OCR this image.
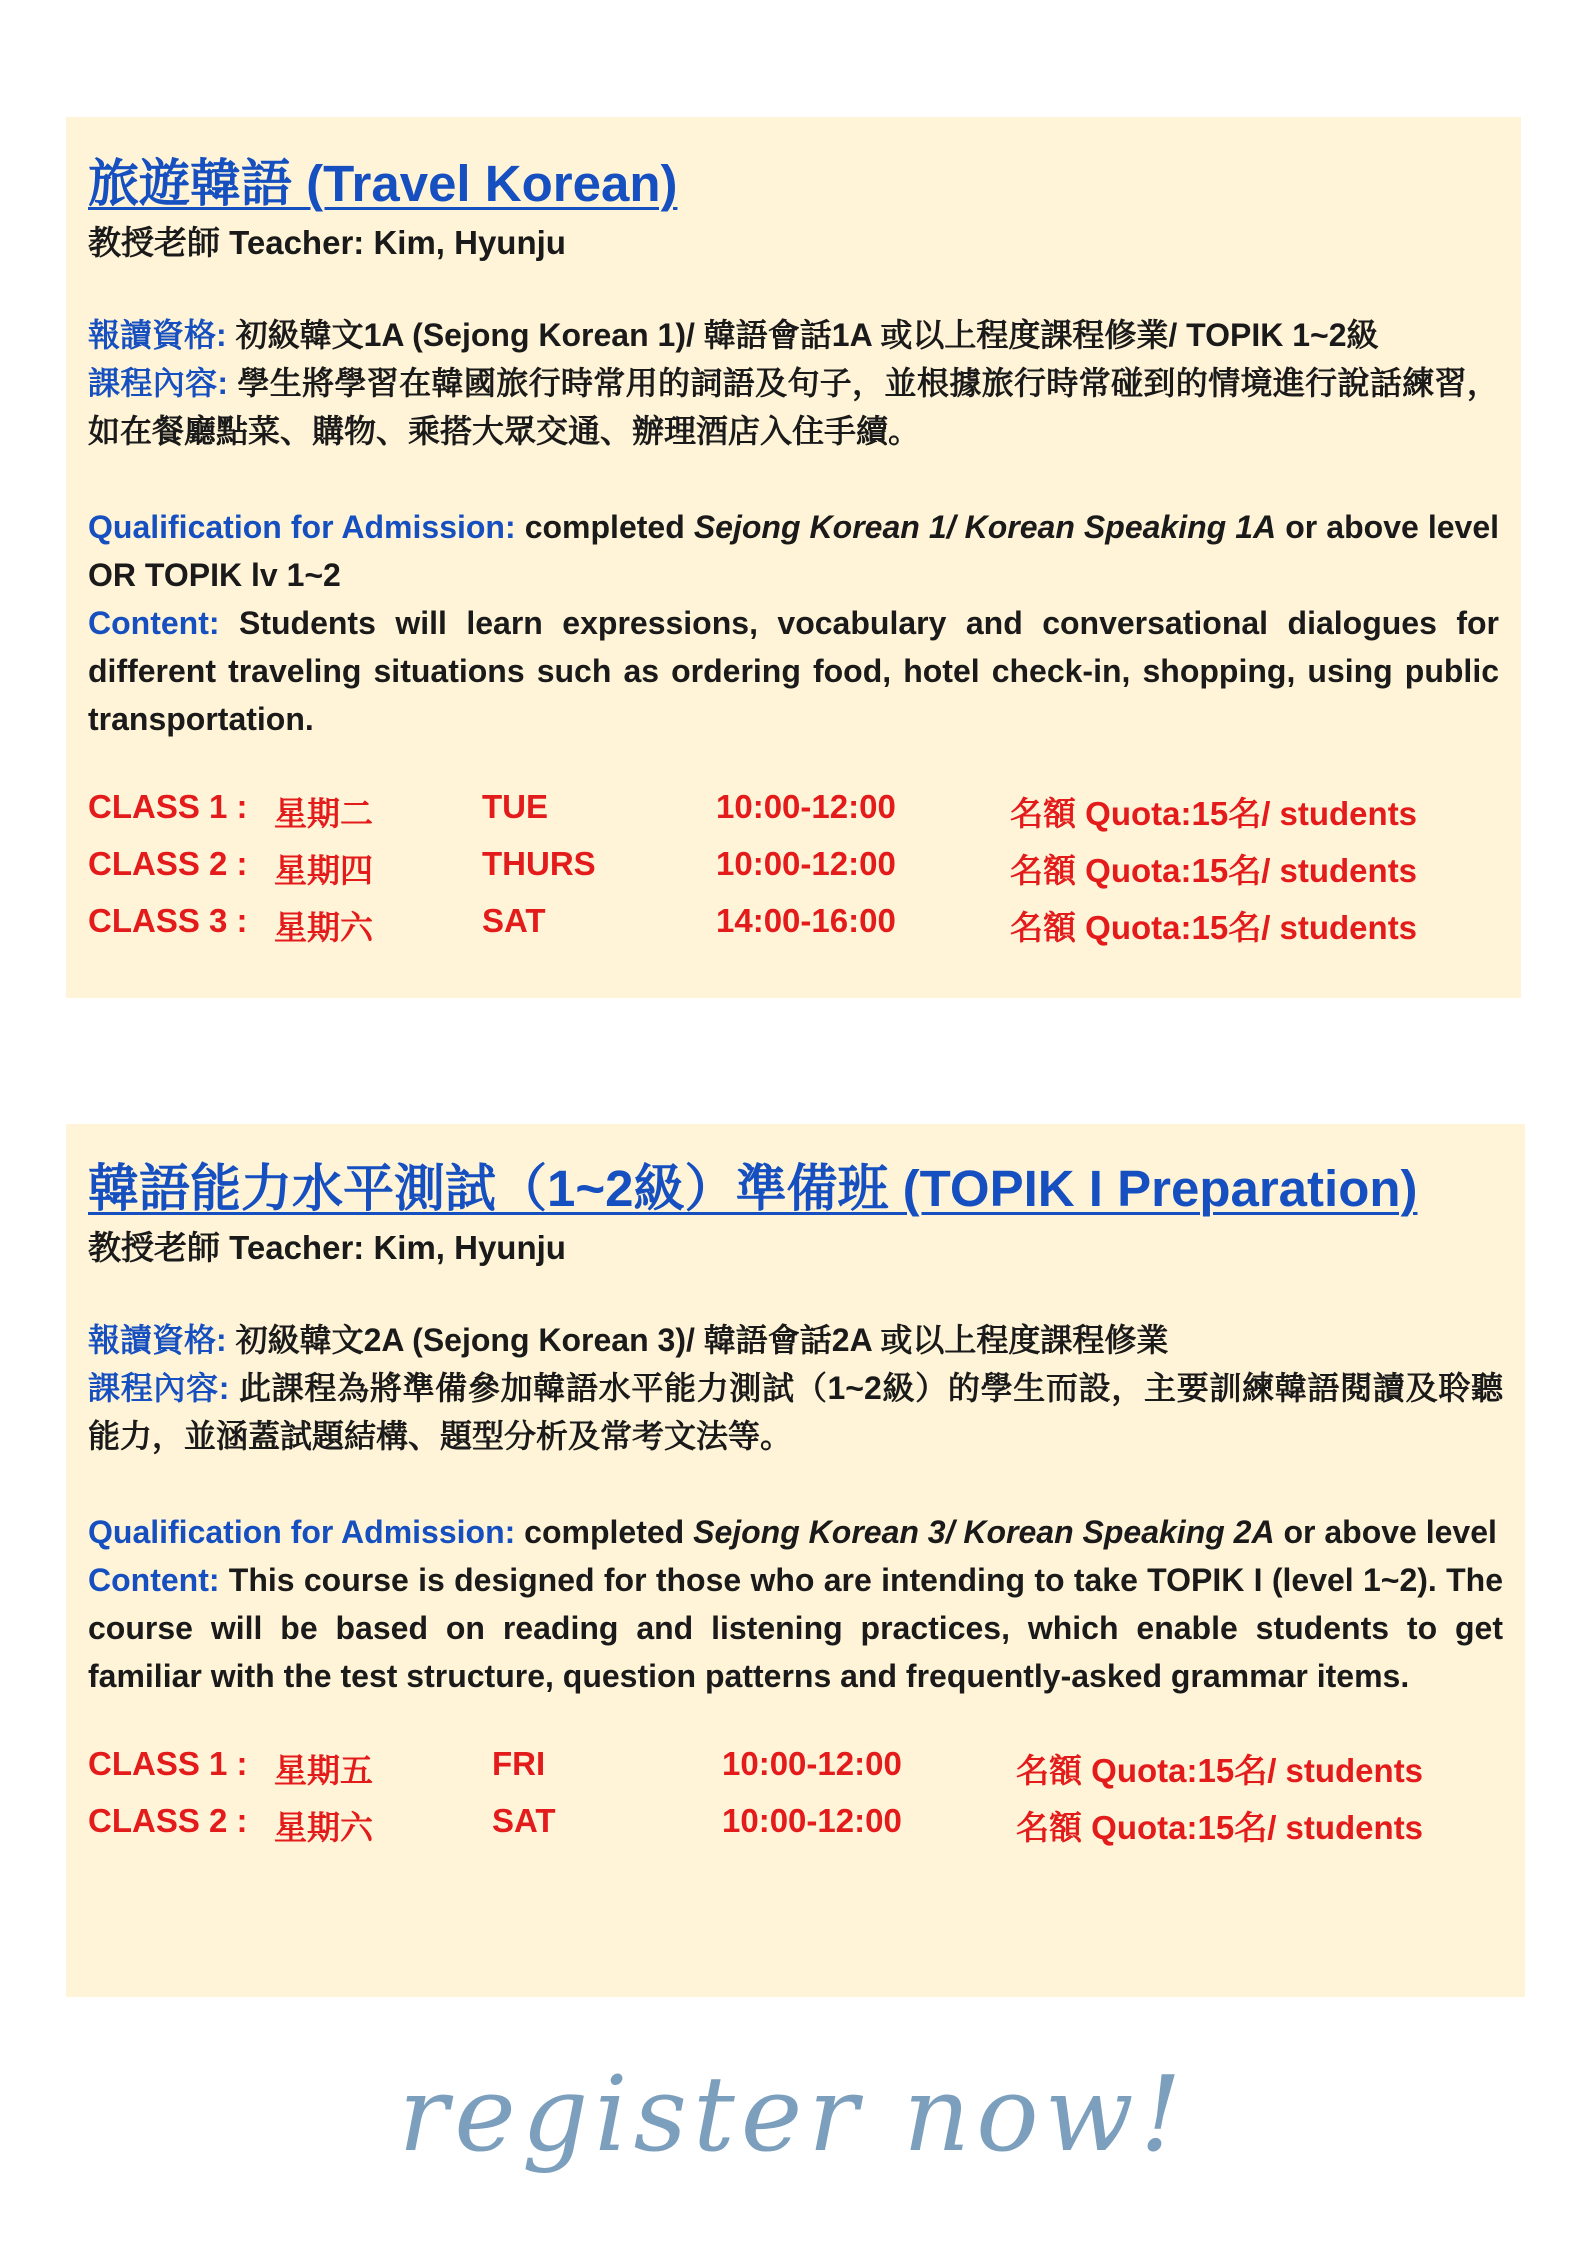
旅遊韓語 (Travel Korean)
教授老師 Teacher: Kim, Hyunju
報讀資格: 初級韓文1A (Sejong Korean 1)/ 韓語會話1A 或以上程度課程修業/ TOPIK 1~2級
課程內容: 學生將學習在韓國旅行時常用的詞語及句子，並根據旅行時常碰到的情境進行說話練習，如在餐廳點菜、購物、乘搭大眾交通、辦理酒店入住手續。
Qualification for Admission: completed Sejong Korean 1/ Korean Speaking 1A or above level OR TOPIK lv 1~2
Content: Students will learn expressions, vocabulary and conversational dialogues for different traveling situations such as ordering food, hotel check-in, shopping, using public transportation.
CLASS 1 : 星期二	TUE	10:00-12:00	名額 Quota:15名/ students
CLASS 2 : 星期四	THURS	10:00-12:00	名額 Quota:15名/ students
CLASS 3 : 星期六	SAT	14:00-16:00	名額 Quota:15名/ students
韓語能力水平測試（1~2級）準備班 (TOPIK I Preparation)
教授老師 Teacher: Kim, Hyunju
報讀資格: 初級韓文2A (Sejong Korean 3)/ 韓語會話2A 或以上程度課程修業
課程內容: 此課程為將準備參加韓語水平能力測試（1~2級）的學生而設，主要訓練韓語閱讀及聆聽能力，並涵蓋試題結構、題型分析及常考文法等。
Qualification for Admission: completed Sejong Korean 3/ Korean Speaking 2A or above level
Content: This course is designed for those who are intending to take TOPIK I (level 1~2). The course will be based on reading and listening practices, which enable students to get familiar with the test structure, question patterns and frequently-asked grammar items.
CLASS 1 : 星期五	FRI	10:00-12:00	名額 Quota:15名/ students
CLASS 2 : 星期六	SAT	10:00-12:00	名額 Quota:15名/ students
register now!
